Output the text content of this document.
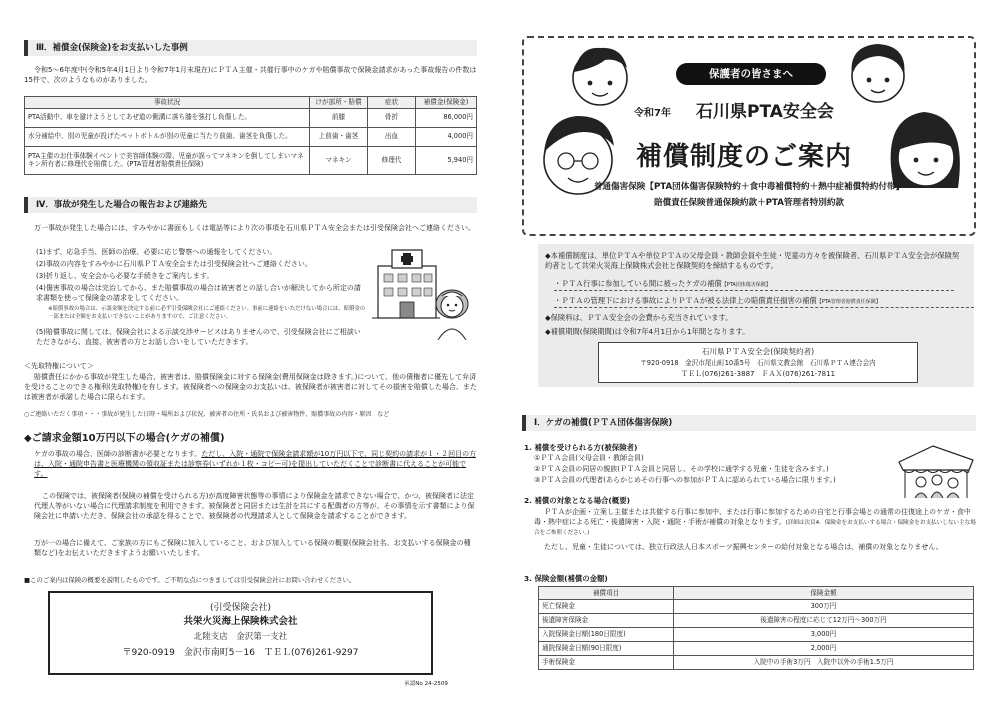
Ⅲ．補償金(保険金)をお支払いした事例
令和5～6年度中(令和5年4月1日より令和7年1月末現在)にＰＴＡ主催・共催行事中のケガや賠償事故で保険金請求があった事故報告の件数は15件で、次のようなものがありました。
事故状況	けが部所・賠償	症状	補償金(保険金)
PTA活動中、車を避けようとしてあぜ道の側溝に落ち膝を強打し負傷した。	前膝	骨折	86,000円
水分補給中、別の児童が投げたペットボトルが別の児童に当たり前歯、歯茎を負傷した。	上前歯・歯茎	出血	4,000円
PTA主催のお仕事体験イベントで美容師体験の際、児童が誤ってマネキンを倒してしまいマネキン所有者に修理代を賠償した。(PTA管理者賠償責任保険)	マネキン	修理代	5,940円
Ⅳ．事故が発生した場合の報告および連絡先
万一事故が発生した場合には、すみやかに書面もしくは電話等により次の事項を石川県ＰＴＡ安全会または引受保険会社へご連絡ください。
(1)まず、応急手当、医師の治療、必要に応じ警察への通報をしてください。
(2)事故の内容をすみやかに石川県ＰＴＡ安全会または引受保険会社へご連絡ください。
(3)折り返し、安全会から必要な手続きをご案内します。
(4)傷害事故の場合は完治してから、また賠償事故の場合は被害者との話し合いが解決してから所定の請求書類を使って保険金の請求をしてください。
※賠償事故の場合は、示談金額を決定する前に必ず引受保険会社にご連絡ください。事前に連絡をいただけない場合には、賠償金の一部または全額をお支払いできないことがありますので、ご注意ください。
(5)賠償事故に関しては、保険会社による示談交渉サービスはありませんので、引受保険会社にご相談いただきながら、直接、被害者の方とお話し合いをしていただきます。
＜先取特権について＞
賠償責任にかかる事故が発生した場合、被害者は、賠償保険金に対する保険金(費用保険金は除きます。)について、他の債権者に優先して弁済を受けることのできる権利(先取特権)を有します。被保険者への保険金のお支払いは、被保険者が被害者に対してその損害を賠償した場合、または被害者が承諾した場合に限られます。
○ご連絡いただく事項・・・事故が発生した日時・場所および状況、被害者の住所・氏名および被害物件、賠償事故の内容・原因　など
◆ご請求金額10万円以下の場合(ケガの補償)
ケガの事故の場合、医師の診断書が必要となります。ただし、入院・通院で保険金請求額が10万円以下で、同じ契約の請求が１・２回目の方は、入院・通院申告書と医療機関の領収証または診察券(いずれか１枚・コピー可)を提出していただくことで診断書に代えることが可能です。
この保険では、被保険者(保険の補償を受けられる方)が高度障害状態等の事情により保険金を請求できない場合で、かつ、被保険者に法定代理人等がいない場合に代理請求制度を利用できます。被保険者と同居または生計を共にする配偶者の方等が、その事情を示す書類により保険会社に申請いただき、保険会社の承認を得ることで、被保険者の代理請求人として保険金を請求することができます。
万が一の場合に備えて、ご家族の方にもご保険に加入していること、および加入している保険の概要(保険会社名、お支払いする保険金の種類など)をお伝えいただきますようお願いいたします。
■このご案内は保険の概要を説明したものです。ご不明な点につきましては引受保険会社にお問い合わせください。
(引受保険会社)
共栄火災海上保険株式会社
北陸支店　金沢第一支社
〒920-0919　金沢市南町5－16　ＴＥＬ(076)261-9297
承認No 24-2509
保護者の皆さまへ
令和7年 石川県PTA安全会
補償制度のご案内
普通傷害保険【PTA団体傷害保険特約＋食中毒補償特約＋熱中症補償特約付帯】
賠償責任保険普通保険約款＋PTA管理者特別約款
◆本補償制度は、単位ＰＴＡや単位ＰＴＡの父母会員・教師会員や生徒・児童の方々を被保険者、石川県ＰＴＡ安全会が保険契約者として共栄火災海上保険株式会社と保険契約を締結するものです。
・ＰＴＡ行事に参加している間に被ったケガの補償【PTA団体傷害保険】
・ＰＴＡの管理下における事故によりＰＴＡが被る法律上の賠償責任損害の補償【PTA管理者賠償責任保険】
◆保険料は、ＰＴＡ安全会の会費から充当されています。
◆補償期間(保険期間)は令和7年4月1日から1年間となります。
石川県ＰＴＡ安全会(保険契約者)
〒920-0918　金沢市尾山町10番5号　石川県文教会館　石川県ＰＴＡ連合会内
ＴＥＬ(076)261-3887　ＦＡＸ(076)261-7811
Ⅰ．ケガの補償(ＰＴＡ団体傷害保険)
1. 補償を受けられる方(被保険者)
①ＰＴＡ会員(父母会員・教師会員)
②ＰＴＡ会員の同居の親族(ＰＴＡ会員と同居し、その学校に通学する児童・生徒を含みます。)
③ＰＴＡ会員の代理者(あらかじめその行事への参加がＰＴＡに認められている場合に限ります。)
2. 補償の対象となる場合(概要)
ＰＴＡが企画・立案し主催または共催する行事に参加中、または行事に参加するための自宅と行事会場との通常の往復途上のケガ・食中毒・熱中症による死亡・後遺障害・入院・通院・手術が補償の対象となります。(詳細は次頁4．保険金をお支払いする場合・保険金をお支払いしない主な場合をご参照ください。)
ただし、児童・生徒については、独立行政法人日本スポーツ振興センターの給付対象となる場合は、補償の対象となりません。
3. 保険金額(補償の金額)
補償項目	保険金額
死亡保険金	300万円
後遺障害保険金	後遺障害の程度に応じて12万円～300万円
入院保険金日額(180日限度)	3,000円
通院保険金日額(90日限度)	2,000円
手術保険金	入院中の手術3万円　入院中以外の手術1.5万円
